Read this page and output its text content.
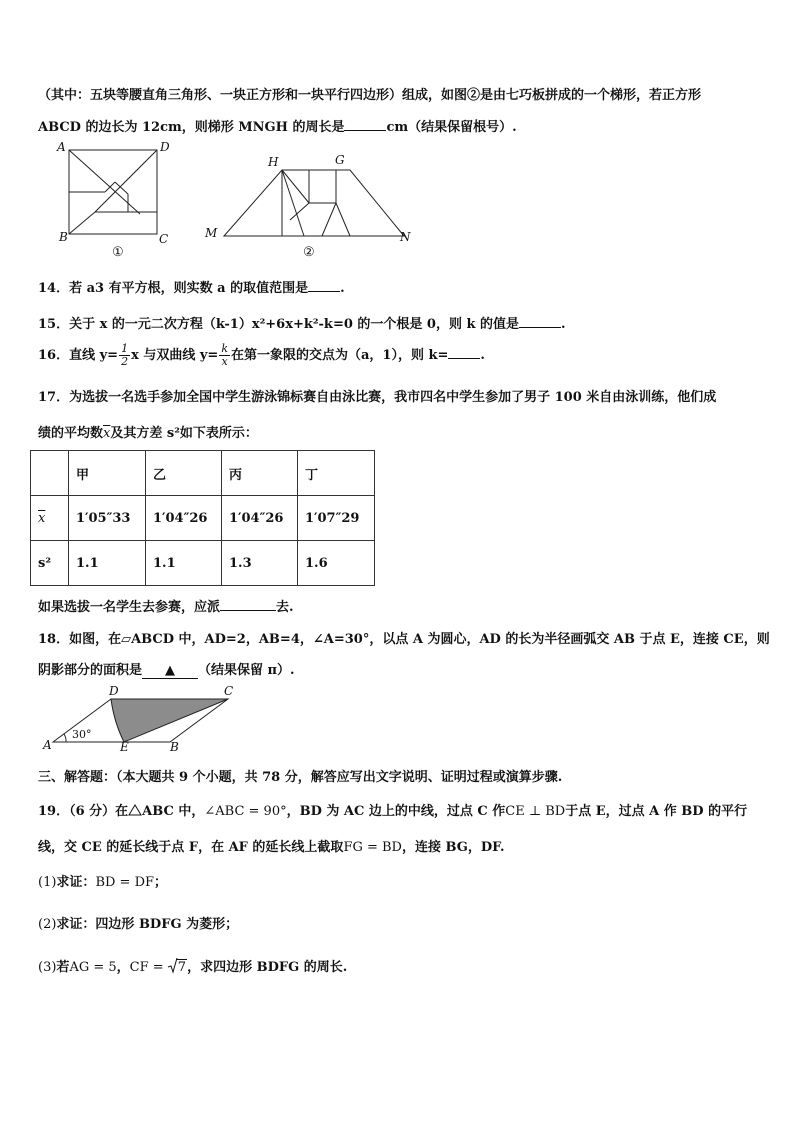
（其中：五块等腰直角三角形、一块正方形和一块平行四边形）组成，如图②是由七巧板拼成的一个梯形，若正方形
ABCD 的边长为 12cm，则梯形 MNGH 的周长是	cm（结果保留根号）.
A	D
B	C
①
H	G
M	N
②
14．若 a3 有平方根，则实数 a 的取值范围是 .
15．关于 x 的一元二次方程（k-1）x²+6x+k²-k=0 的一个根是 0，则 k 的值是	.
16．直线 $y= \frac{1}{2}$ x 与双曲线 $y= \frac{k}{x}$ 在第一象限的交点为（a，1），则 k= .
17．为选拔一名选手参加全国中学生游泳锦标赛自由泳比赛，我市四名中学生参加了男子 100 米自由泳训练，他们成
绩的平均数$\overline{x}$及其方差 s²如下表所示：
	甲	乙	丙	丁
$\overline{x}$	1′05″33	1′04″26	1′04″26	1′07″29
s²	1.1	1.1	1.3	1.6
如果选拔一名学生去参赛，应派	去.
18．如图，在▱ABCD 中，AD=2，AB=4，∠A=30°，以点 A 为圆心，AD 的长为半径画弧交 AB 于点 E，连接 CE，则
阴影部分的面积是 ▲ （结果保留 π）.
D	C
A	E	B
30°
三、解答题：（本大题共 9 个小题，共 78 分，解答应写出文字说明、证明过程或演算步骤.
19．（6 分）在 ABC 中，∠ABC = 90°，BD 为 AC 边上的中线，过点 C 作CE ⊥ BD于点 E，过点 A 作 BD 的平行
线，交 CE 的延长线于点 F，在 AF 的延长线上截取FG = BD，连接 BG，DF.
(1)求证：BD = DF；
(2)求证：四边形 BDFG 为菱形；
(3)若AG = 5，CF =
7，求四边形 BDFG 的周长.
